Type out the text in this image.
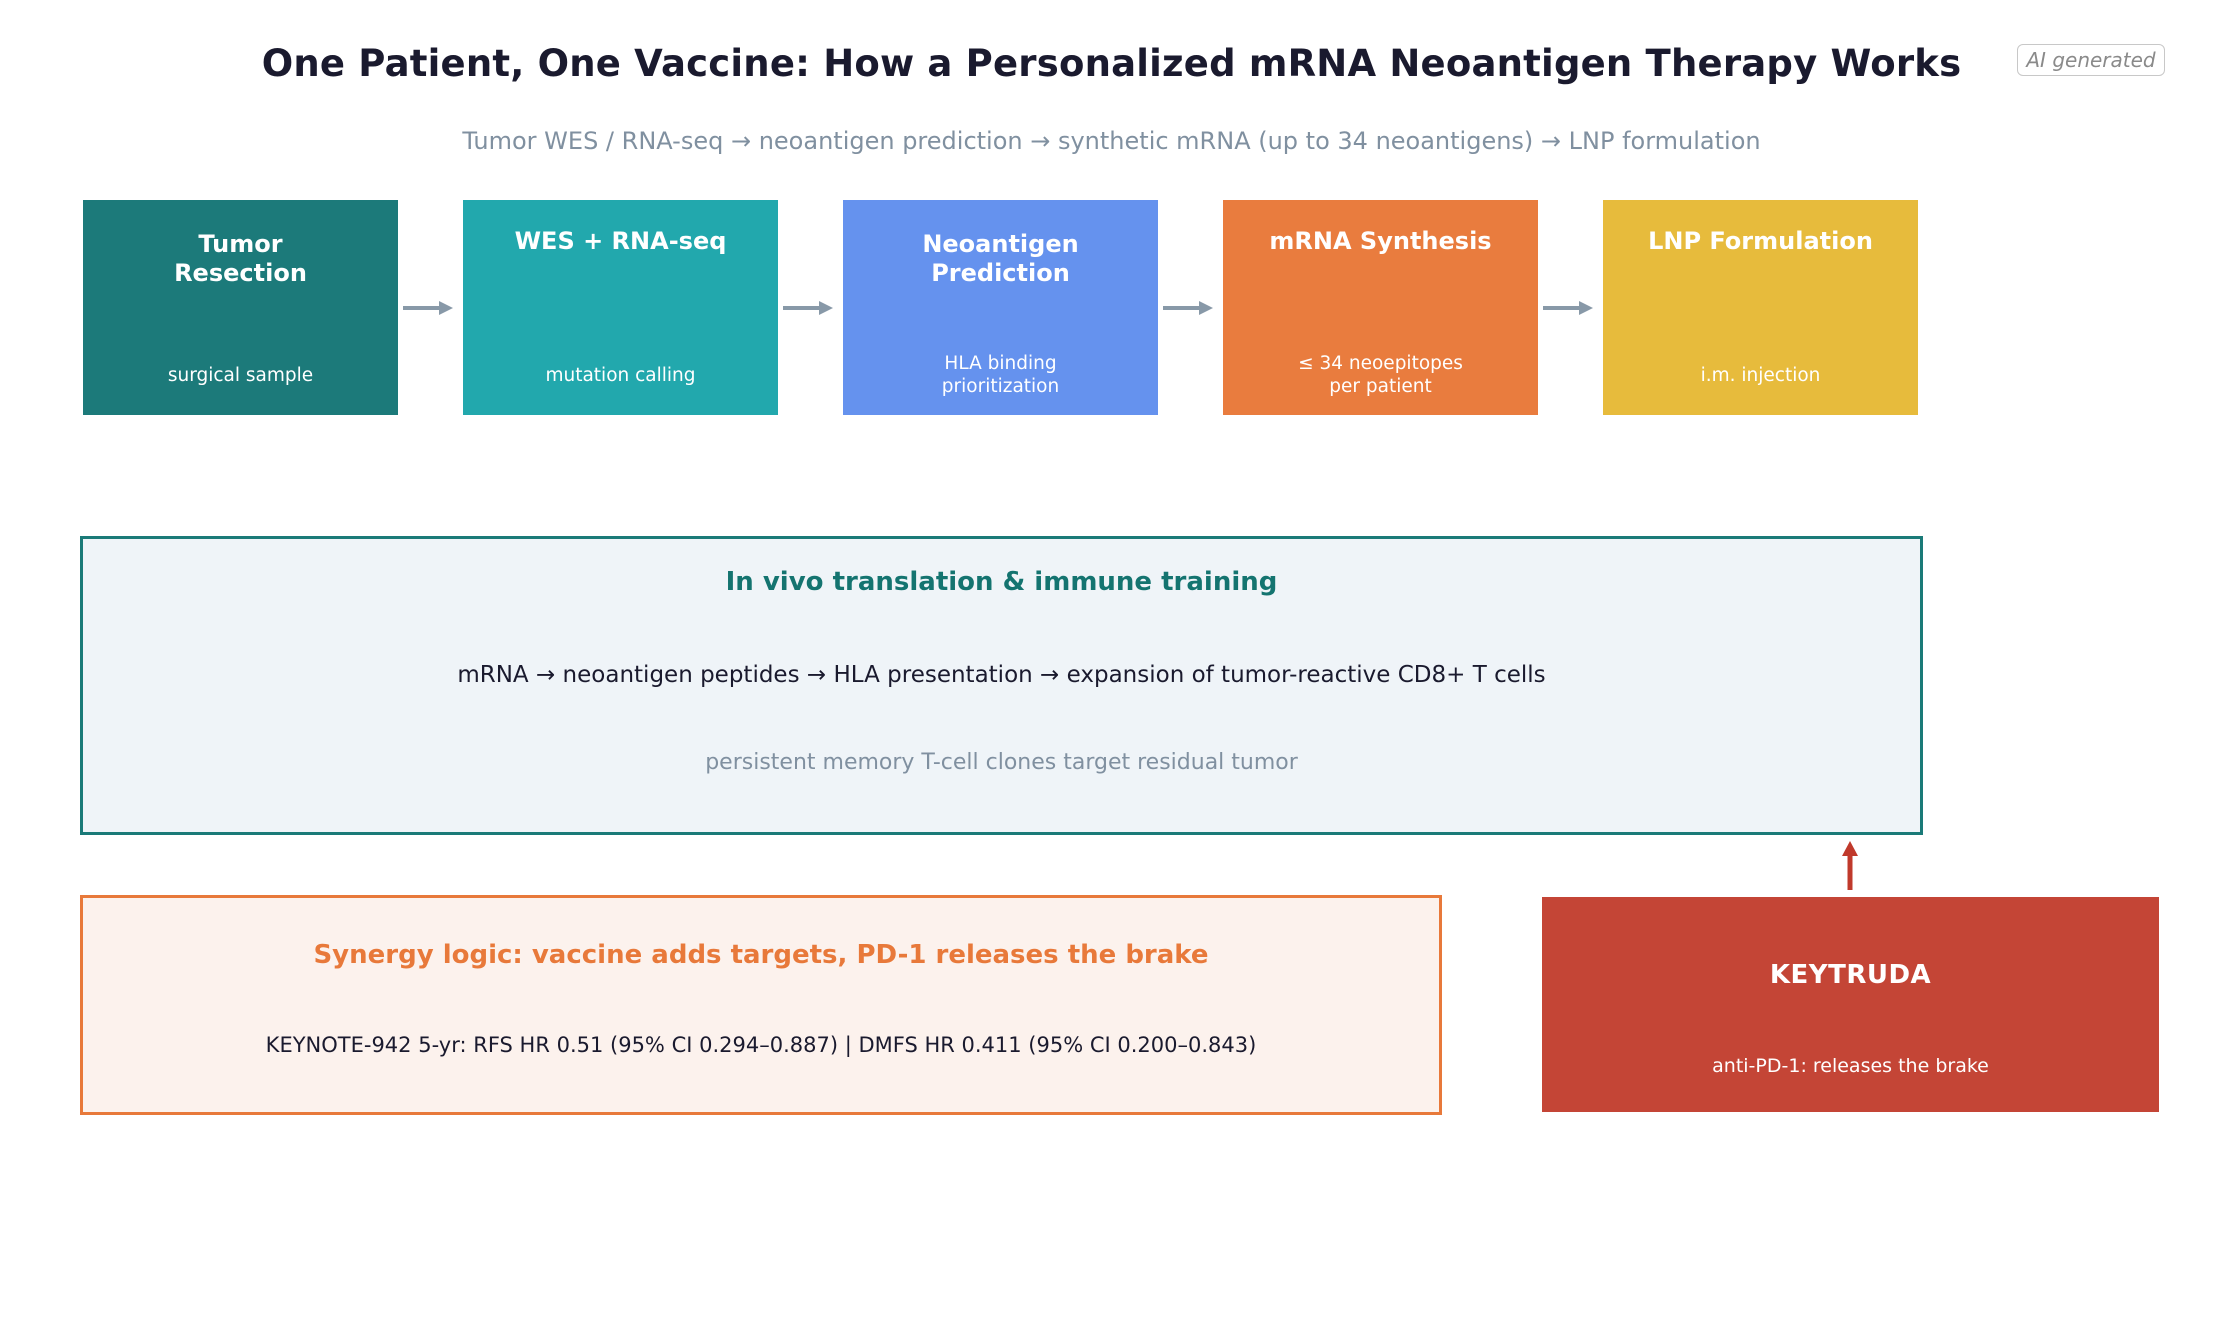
One Patient, One Vaccine: How a Personalized mRNA Neoantigen Therapy Works	AI generated
Tumor WES / RNA-seq → neoantigen prediction → synthetic mRNA (up to 34 neoantigens) → LNP formulation
Tumor
Resection
surgical sample
WES + RNA-seq
mutation calling
Neoantigen
Prediction
HLA binding
prioritization
mRNA Synthesis
≤ 34 neoepitopes
per patient
LNP Formulation
i.m. injection
In vivo translation & immune training
mRNA → neoantigen peptides → HLA presentation → expansion of tumor-reactive CD8+ T cells
persistent memory T-cell clones target residual tumor
Synergy logic: vaccine adds targets, PD-1 releases the brake
KEYNOTE-942 5-yr: RFS HR 0.51 (95% CI 0.294–0.887) | DMFS HR 0.411 (95% CI 0.200–0.843)
KEYTRUDA
anti-PD-1: releases the brake
